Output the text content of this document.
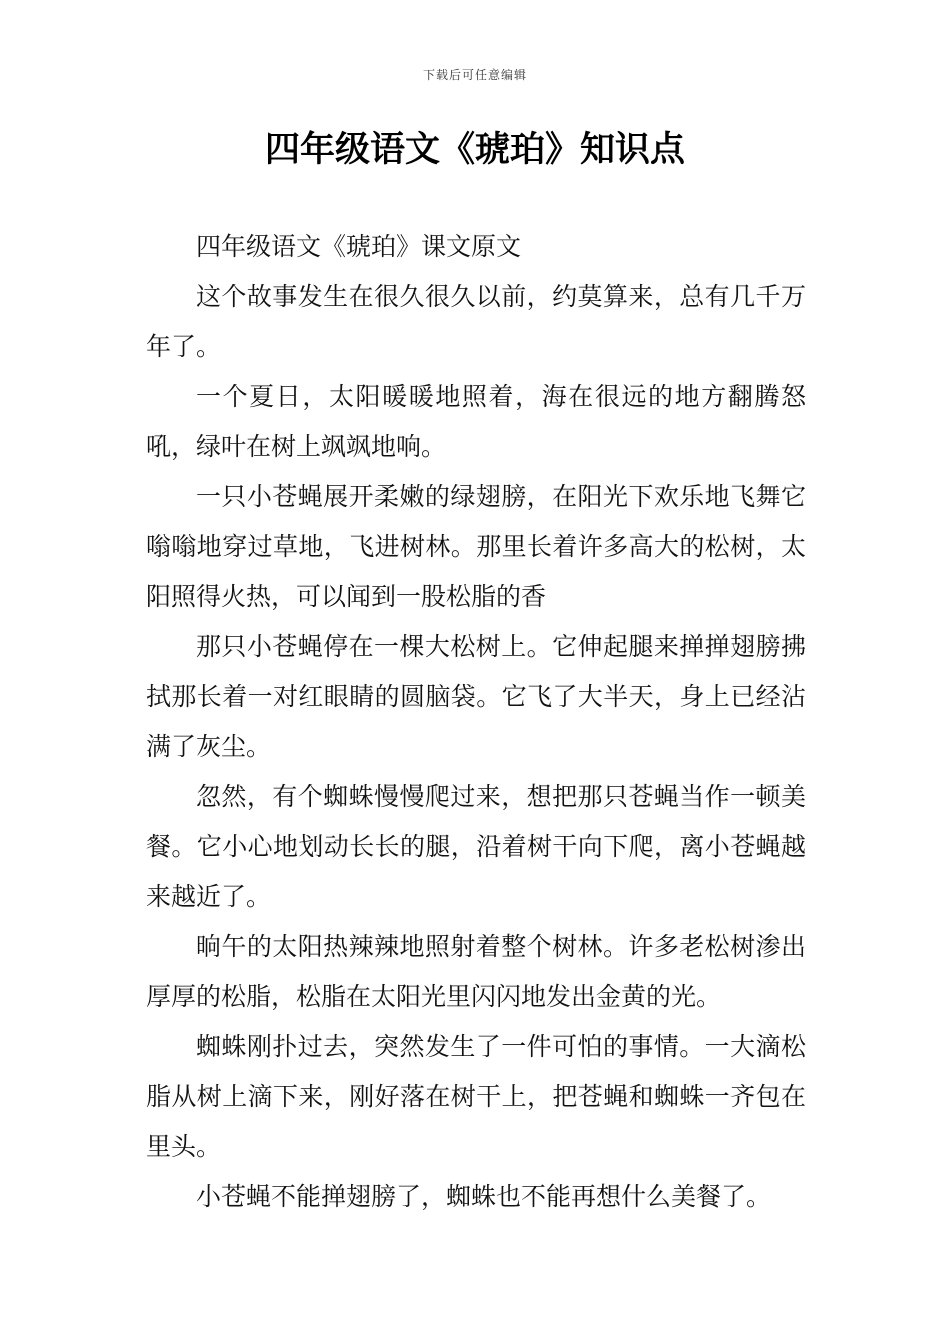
下载后可任意编辑
四年级语文《琥珀》知识点

四年级语文《琥珀》课文原文

这个故事发生在很久很久以前，约莫算来，总有几千万年了。

一个夏日，太阳暖暖地照着，海在很远的地方翻腾怒吼，绿叶在树上飒飒地响。

一只小苍蝇展开柔嫩的绿翅膀，在阳光下欢乐地飞舞它嗡嗡地穿过草地，飞进树林。那里长着许多高大的松树，太阳照得火热，可以闻到一股松脂的香

那只小苍蝇停在一棵大松树上。它伸起腿来掸掸翅膀拂拭那长着一对红眼睛的圆脑袋。它飞了大半天，身上已经沾满了灰尘。

忽然，有个蜘蛛慢慢爬过来，想把那只苍蝇当作一顿美餐。它小心地划动长长的腿，沿着树干向下爬，离小苍蝇越来越近了。

晌午的太阳热辣辣地照射着整个树林。许多老松树渗出厚厚的松脂，松脂在太阳光里闪闪地发出金黄的光。

蜘蛛刚扑过去，突然发生了一件可怕的事情。一大滴松脂从树上滴下来，刚好落在树干上，把苍蝇和蜘蛛一齐包在里头。

小苍蝇不能掸翅膀了，蜘蛛也不能再想什么美餐了。
